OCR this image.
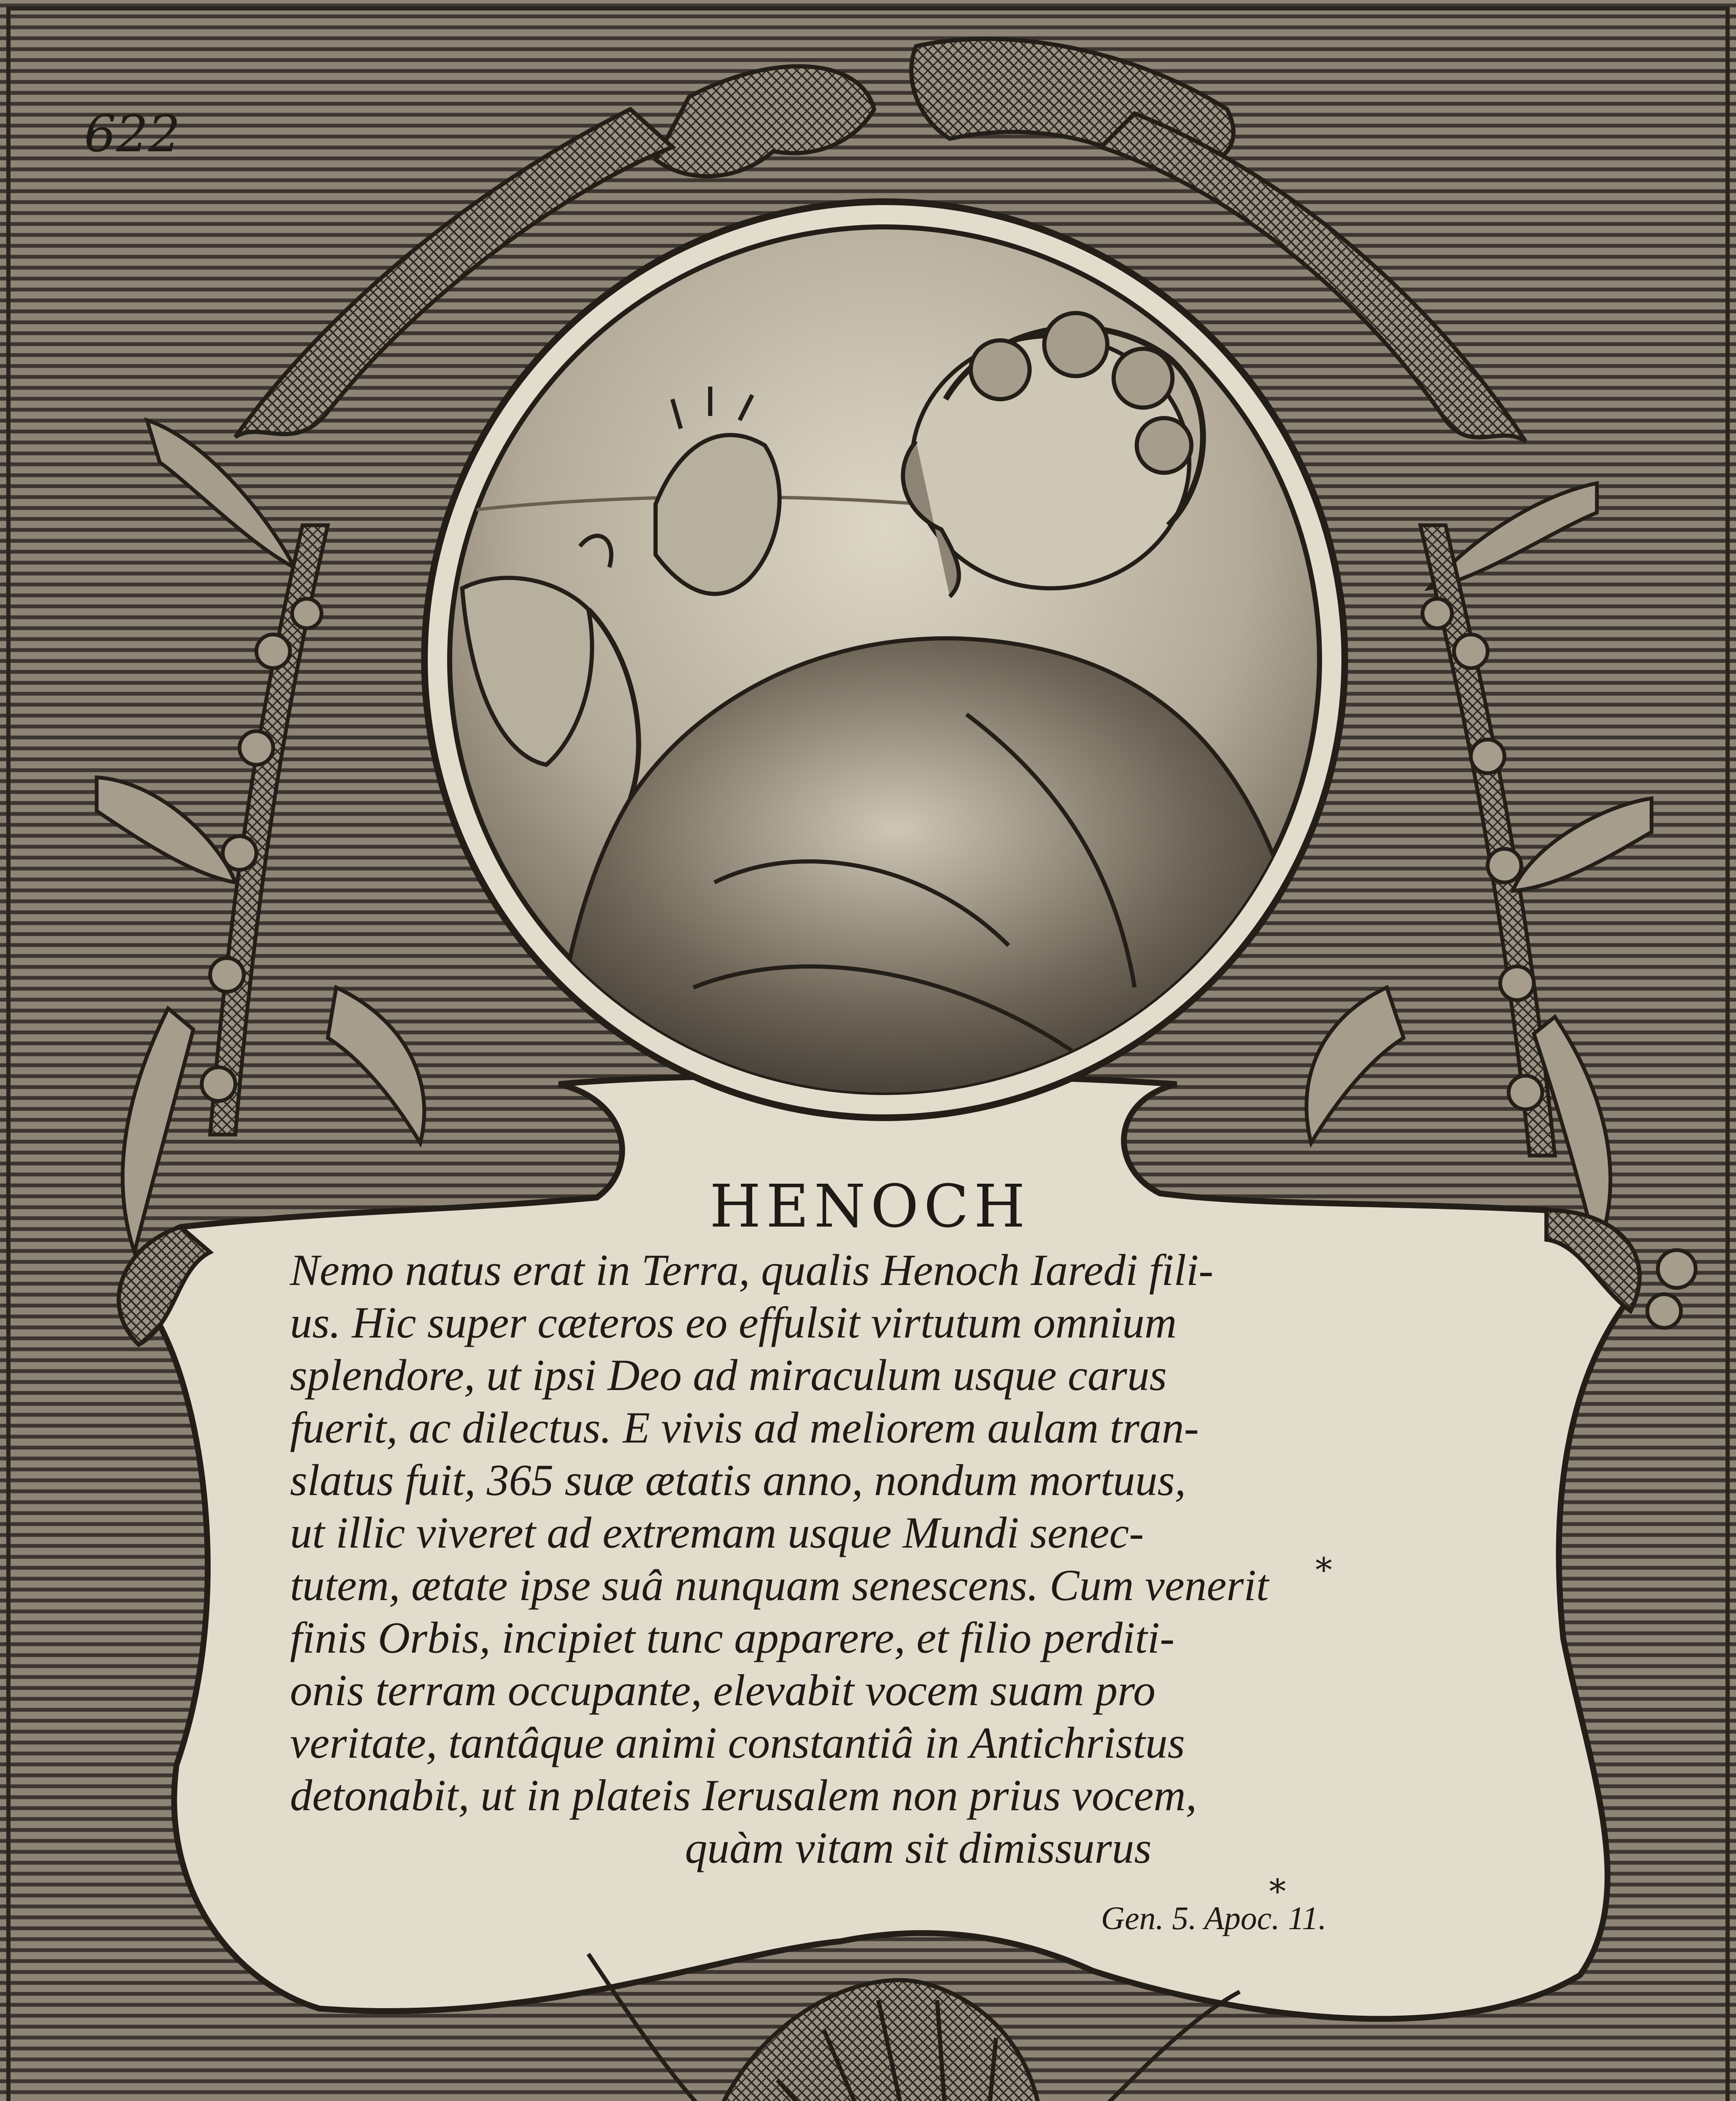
622
HENOCH
Nemo natus erat in Terra, qualis Henoch Iaredi fili-
us. Hic super cæteros eo effulsit virtutum omnium
splendore, ut ipsi Deo ad miraculum usque carus
fuerit, ac dilectus. E vivis ad meliorem aulam tran-
slatus fuit, 365 suæ ætatis anno, nondum mortuus,
ut illic viveret ad extremam usque Mundi senec-
tutem, ætate ipse suâ nunquam senescens. Cum venerit
finis Orbis, incipiet tunc apparere, et filio perditi-
onis terram occupante, elevabit vocem suam pro
veritate, tantâque animi constantiâ in Antichristus
detonabit, ut in plateis Ierusalem non prius vocem,
quàm vitam sit dimissurus
*
*
Gen. 5. Apoc. 11.
